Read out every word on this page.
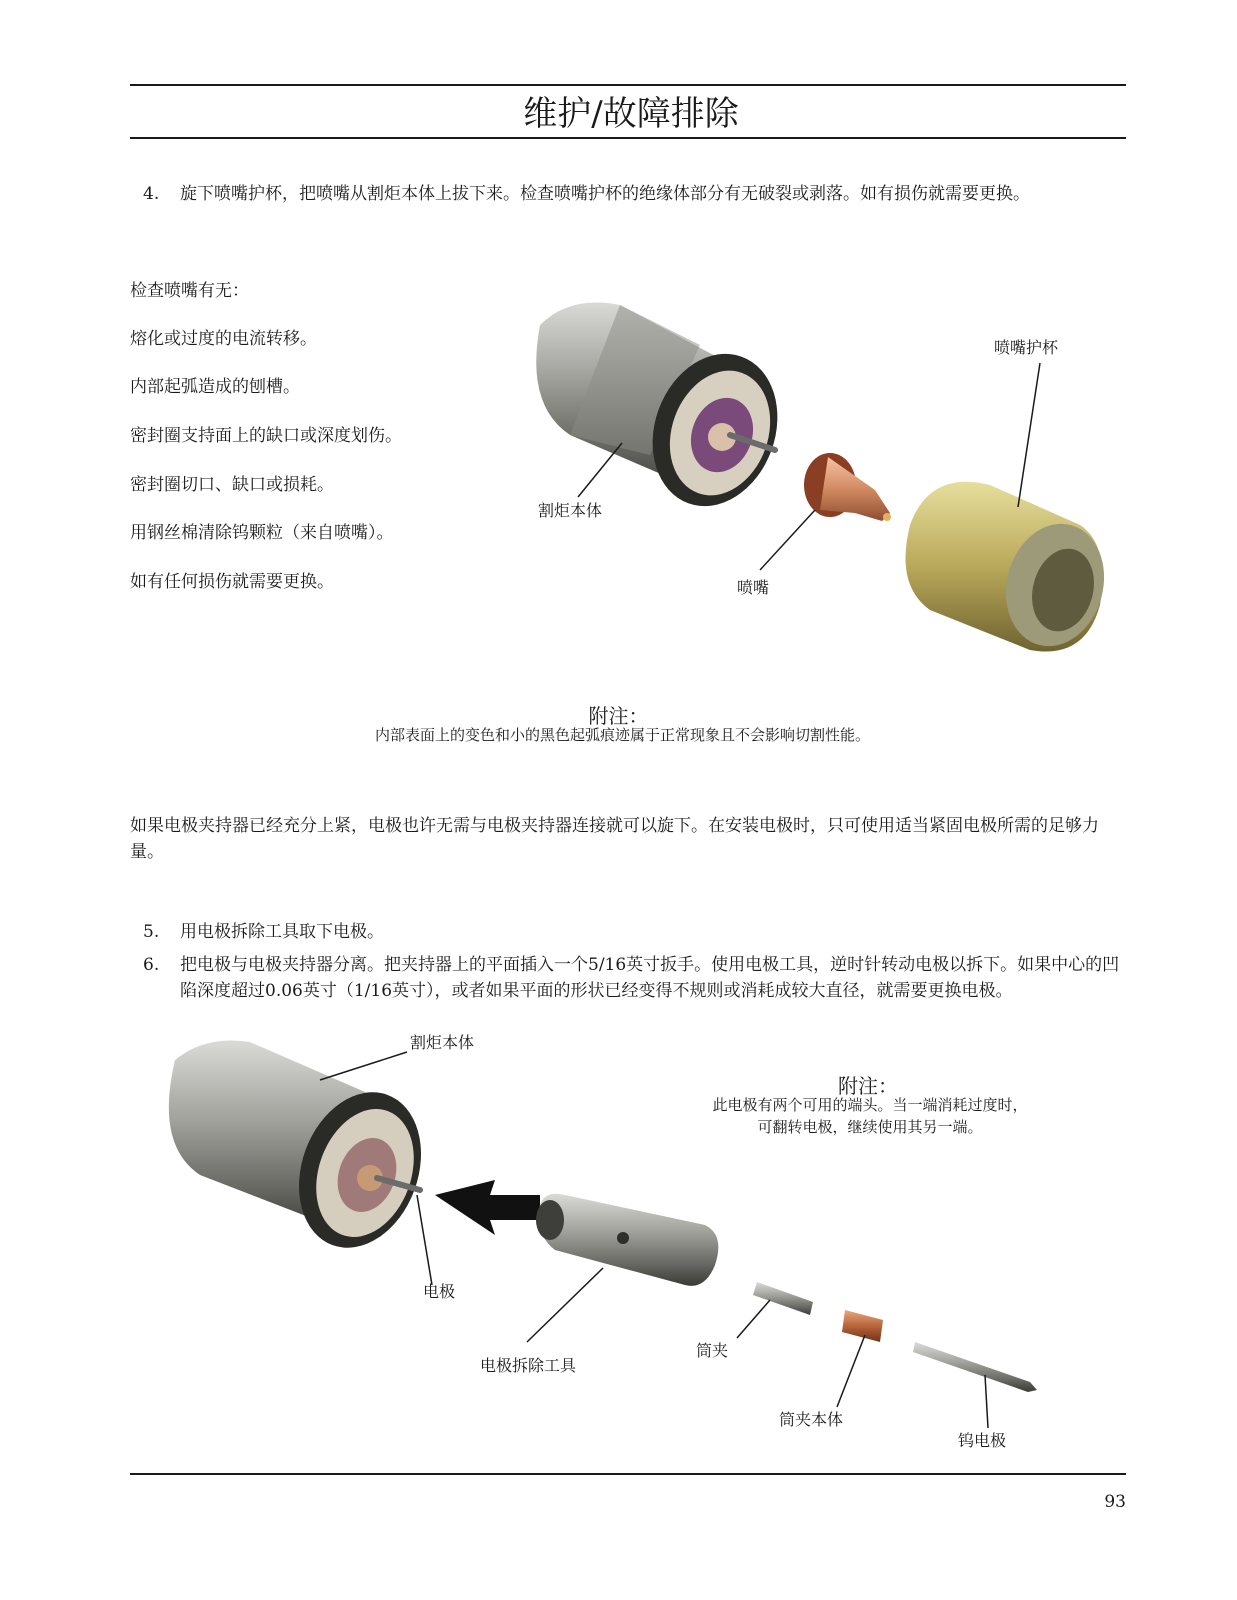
维护/故障排除
4. 旋下喷嘴护杯，把喷嘴从割炬本体上拔下来。检查喷嘴护杯的绝缘体部分有无破裂或剥落。如有损伤就需要更换。
检查喷嘴有无：
熔化或过度的电流转移。
内部起弧造成的刨槽。
密封圈支持面上的缺口或深度划伤。
密封圈切口、缺口或损耗。
用钢丝棉清除钨颗粒（来自喷嘴）。
如有任何损伤就需要更换。
割炬本体
喷嘴
喷嘴护杯
附注：
内部表面上的变色和小的黑色起弧痕迹属于正常现象且不会影响切割性能。
如果电极夹持器已经充分上紧，电极也许无需与电极夹持器连接就可以旋下。在安装电极时，只可使用适当紧固电极所需的足够力量。
5. 用电极拆除工具取下电极。
6. 把电极与电极夹持器分离。把夹持器上的平面插入一个5/16英寸扳手。使用电极工具，逆时针转动电极以拆下。如果中心的凹陷深度超过0.06英寸（1/16英寸），或者如果平面的形状已经变得不规则或消耗成较大直径，就需要更换电极。
割炬本体
电极
电极拆除工具
筒夹
筒夹本体
钨电极
附注：
此电极有两个可用的端头。当一端消耗过度时，
可翻转电极，继续使用其另一端。
93
